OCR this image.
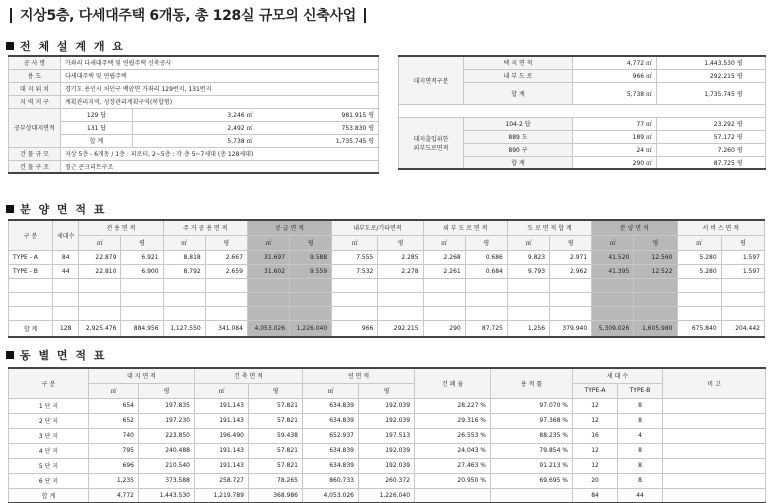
지상5층, 다세대주택 6개동, 총 128실 규모의 신축사업
전 체 설 계 개 요
공 사 명	가좌리 다세대주택 및 연립주택 신축공사		
용 도	다세대주택 및 연립주택		
대 지 위 치	경기도 용인시 처인구 백암면 가좌리 129번지, 131번지		
지 역 지 구	계획관리지역, 성장관리계획구역(복합형)		
공부상대지면적	129 답	3,246 ㎡	981.915 평
	131 답	2,492 ㎡	753.830 평
	합 계	5,738 ㎡	1,735.745 평
건 물 규 모	지상 5층 - 6개동 / 1층 : 피로티, 2~5층 : 각 층 5~7세대 (총 128세대)		
건 물 구 조	철근 콘크리트구조		
대지면적구분	택 지 면 적	4,772 ㎡	1,443.530 평	
	내 부 도 로	966 ㎡	292.215 평	
	합 계	5,738 ㎡	1,735.745 평	

대지출입위한
외부도로면적	104-2 답	77 ㎡	23.292 평	
	889 도	189 ㎡	57.172 평	
	890 구	24 ㎡	7.260 평	
	합 계	290 ㎡	87.725 평	
분 양 면 적 표
구 분	세대수	전 용 면 적		주 거 공 용 면 적		공 급 면 적		내부도로/기타면적		외 부 도 로 면 적		도 로 면 적 합 계		분 양 면 적		서 비 스 면 적	
		㎡	평	㎡	평	㎡	평	㎡	평	㎡	평	㎡	평	㎡	평	㎡	평
TYPE - A	84	22.879	6.921	8.818	2.667	31.697	9.588	7.555	2.285	2.268	0.686	9.823	2.971	41.520	12.560	5.280	1.597
TYPE - B	44	22.810	6.900	8.792	2.659	31.602	9.559	7.532	2.278	2.261	0.684	9.793	2.962	41.395	12.522	5.280	1.597

합 계	128	2,925.476	884.956	1,127.550	341.084	4,053.026	1,226.040	966	292.215	290	87.725	1,256	379.940	5,309.026	1,605.980	675.840	204.442
동 별 면 적 표
구 분	대 지 면 적		건 축 면 적		연 면 적		건 폐 율	용 적 률	세 대 수		비 고
	㎡	평	㎡	평	㎡	평			TYPE-A	TYPE-B	
1 단 지	654	197.835	191.143	57.821	634.839	192.039	28.227 %	97.070 %	12	8	
2 단 지	652	197.230	191.143	57.821	634.839	192.039	29.316 %	97.368 %	12	8	
3 단 지	740	223.850	196.490	59.438	652.937	197.513	26.553 %	88.235 %	16	4	
4 단 지	795	240.488	191.143	57.821	634.839	192.039	24.043 %	79.854 %	12	8	
5 단 지	696	210.540	191.143	57.821	634.839	192.039	27.463 %	91.213 %	12	8	
6 단 지	1,235	373.588	258.727	78.265	860.733	260.372	20.950 %	69.695 %	20	8	
합 계	4,772	1,443.530	1,219.789	368.986	4,053.026	1,226.040			84	44	
